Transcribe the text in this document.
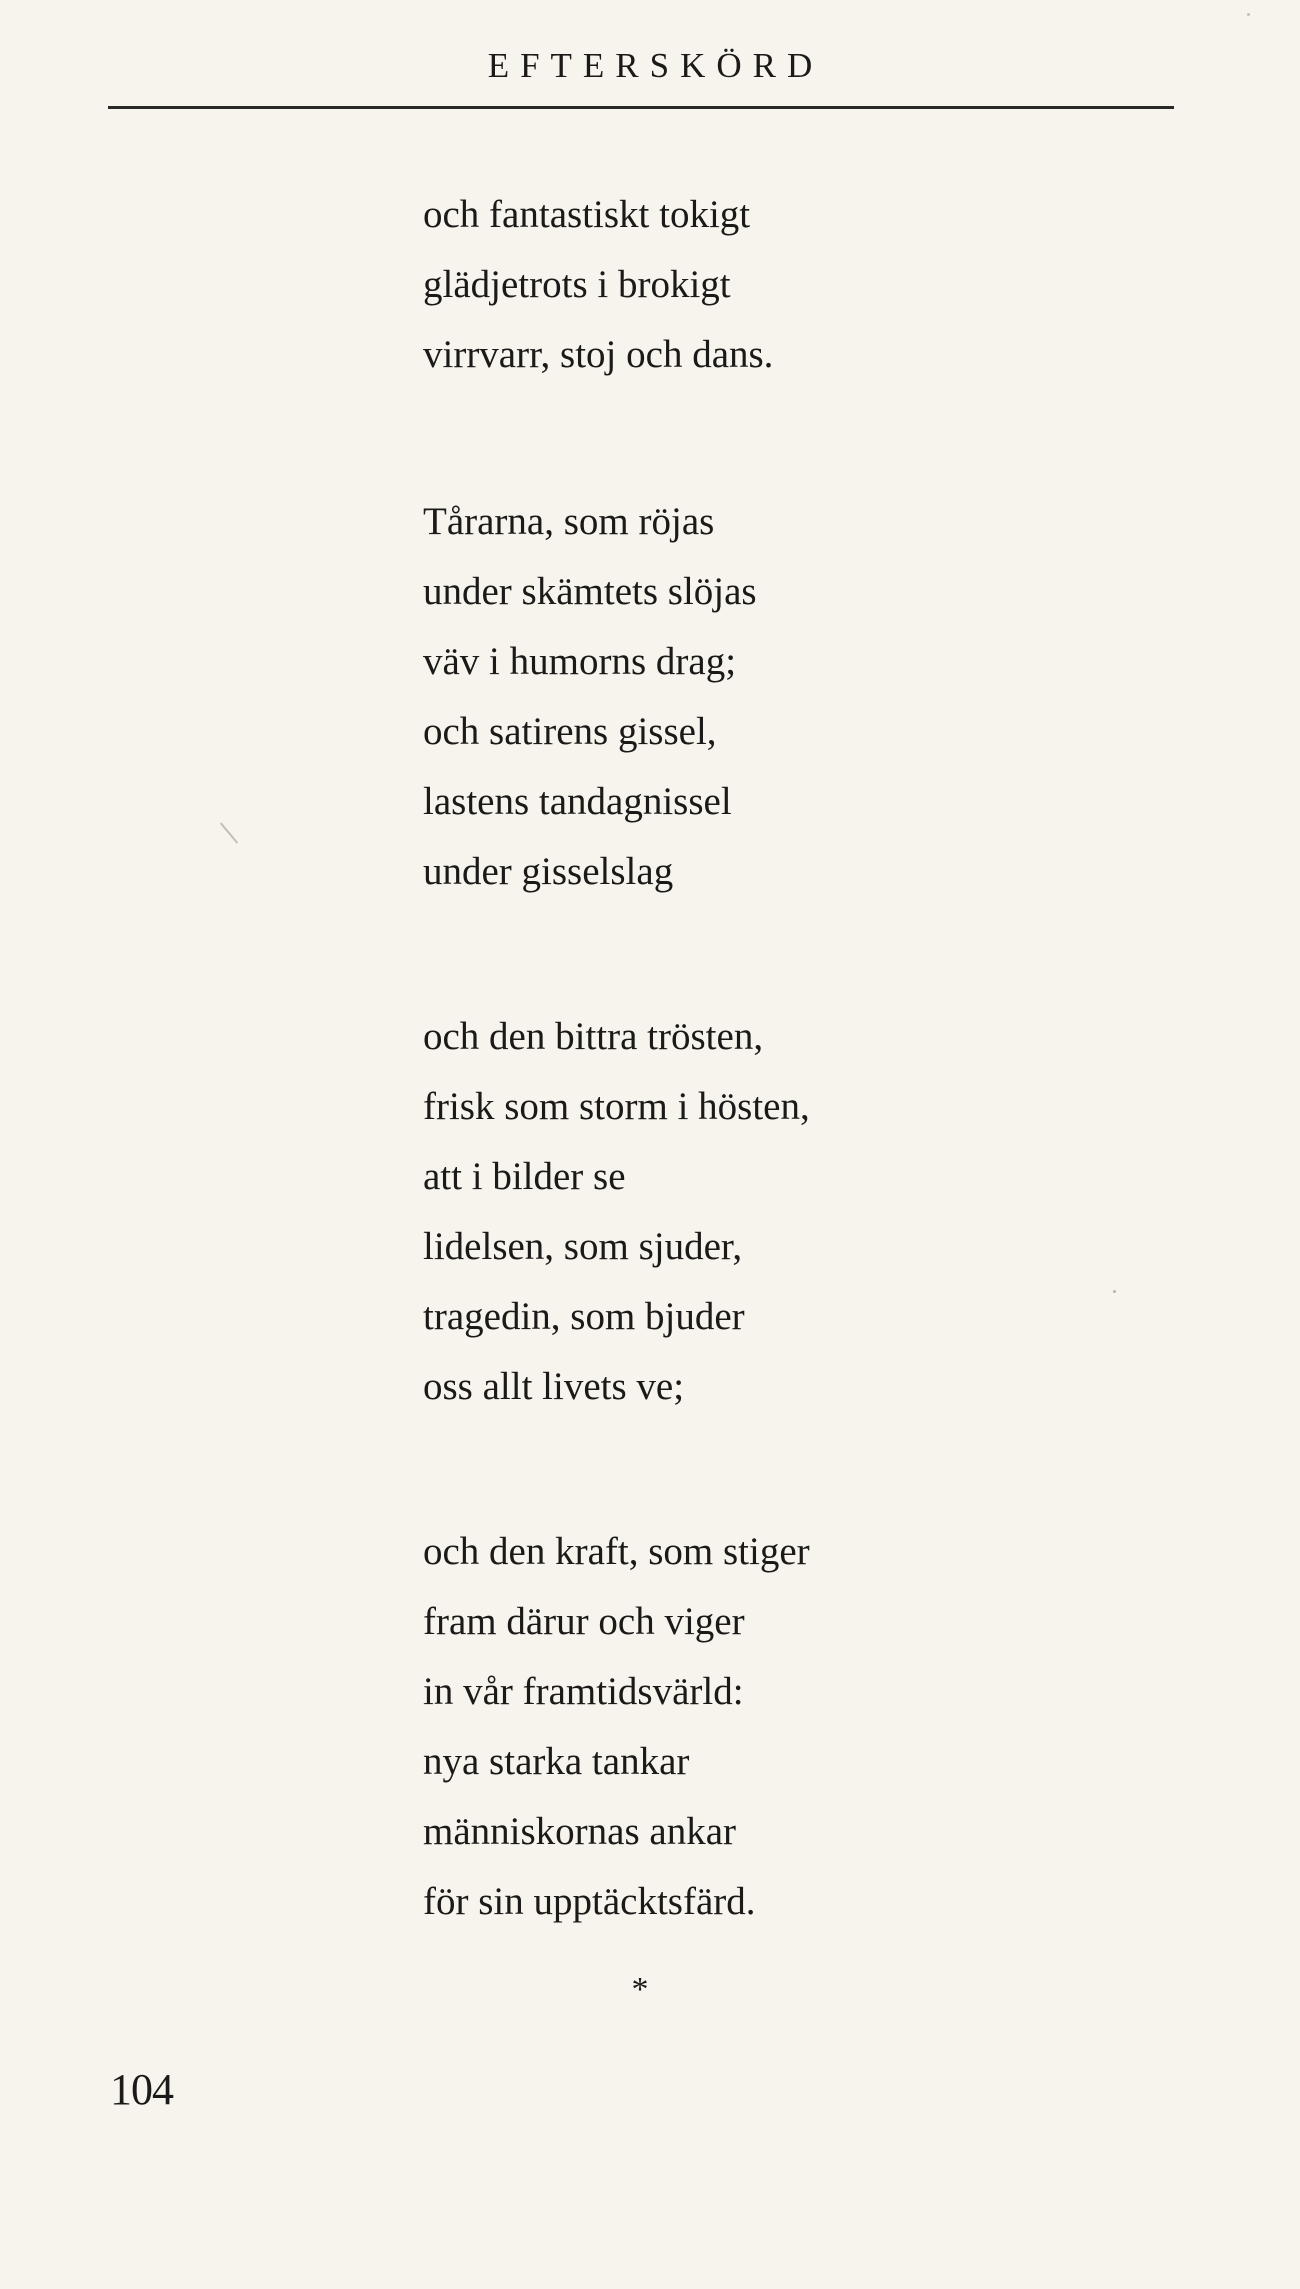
EFTERSKÖRD
och fantastiskt tokigt
glädjetrots i brokigt
virrvarr, stoj och dans.
Tårarna, som röjas
under skämtets slöjas
väv i humorns drag;
och satirens gissel,
lastens tandagnissel
under gisselslag
och den bittra trösten,
frisk som storm i hösten,
att i bilder se
lidelsen, som sjuder,
tragedin, som bjuder
oss allt livets ve;
och den kraft, som stiger
fram därur och viger
in vår framtidsvärld:
nya starka tankar
människornas ankar
för sin upptäcktsfärd.
*
104
